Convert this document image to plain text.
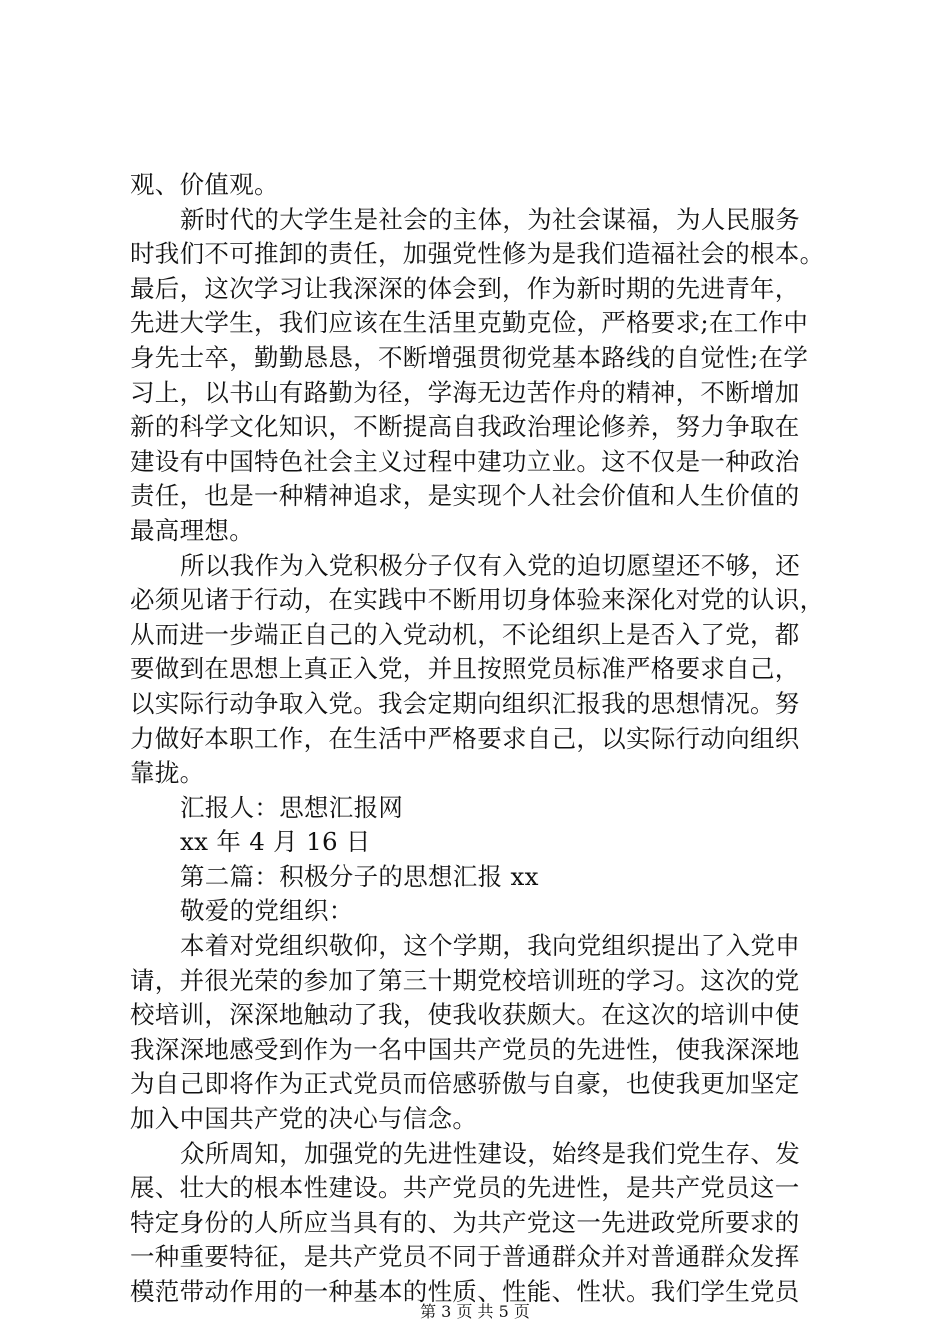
观、价值观。
新时代的大学生是社会的主体，为社会谋福，为人民服务
时我们不可推卸的责任，加强党性修为是我们造福社会的根本。
最后，这次学习让我深深的体会到，作为新时期的先进青年，
先进大学生，我们应该在生活里克勤克俭，严格要求;在工作中
身先士卒，勤勤恳恳，不断增强贯彻党基本路线的自觉性;在学
习上，以书山有路勤为径，学海无边苦作舟的精神，不断增加
新的科学文化知识，不断提高自我政治理论修养，努力争取在
建设有中国特色社会主义过程中建功立业。这不仅是一种政治
责任，也是一种精神追求，是实现个人社会价值和人生价值的
最高理想。
所以我作为入党积极分子仅有入党的迫切愿望还不够，还
必须见诸于行动，在实践中不断用切身体验来深化对党的认识，
从而进一步端正自己的入党动机，不论组织上是否入了党，都
要做到在思想上真正入党，并且按照党员标准严格要求自己，
以实际行动争取入党。我会定期向组织汇报我的思想情况。努
力做好本职工作，在生活中严格要求自己，以实际行动向组织
靠拢。
汇报人：思想汇报网
xx 年 4 月 16 日
第二篇：积极分子的思想汇报 xx
敬爱的党组织：
本着对党组织敬仰，这个学期，我向党组织提出了入党申
请，并很光荣的参加了第三十期党校培训班的学习。这次的党
校培训，深深地触动了我，使我收获颇大。在这次的培训中使
我深深地感受到作为一名中国共产党员的先进性，使我深深地
为自己即将作为正式党员而倍感骄傲与自豪，也使我更加坚定
加入中国共产党的决心与信念。
众所周知，加强党的先进性建设，始终是我们党生存、发
展、壮大的根本性建设。共产党员的先进性，是共产党员这一
特定身份的人所应当具有的、为共产党这一先进政党所要求的
一种重要特征，是共产党员不同于普通群众并对普通群众发挥
模范带动作用的一种基本的性质、性能、性状。我们学生党员
第 3 页 共 5 页
